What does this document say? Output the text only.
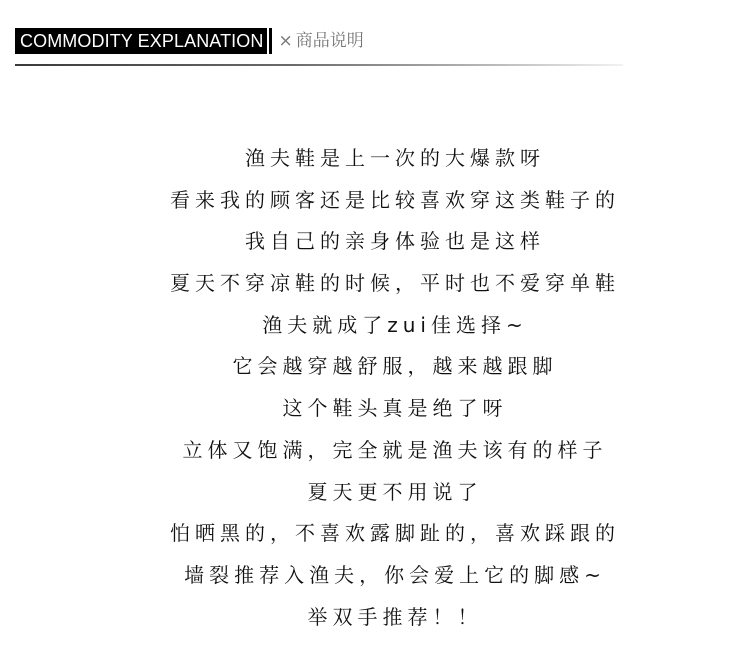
COMMODITY EXPLANATION × 商品说明
渔夫鞋是上一次的大爆款呀
看来我的顾客还是比较喜欢穿这类鞋子的
我自己的亲身体验也是这样
夏天不穿凉鞋的时候，平时也不爱穿单鞋
渔夫就成了zui佳选择~
它会越穿越舒服，越来越跟脚
这个鞋头真是绝了呀
立体又饱满，完全就是渔夫该有的样子
夏天更不用说了
怕晒黑的，不喜欢露脚趾的，喜欢踩跟的
墙裂推荐入渔夫，你会爱上它的脚感~
举双手推荐！！
